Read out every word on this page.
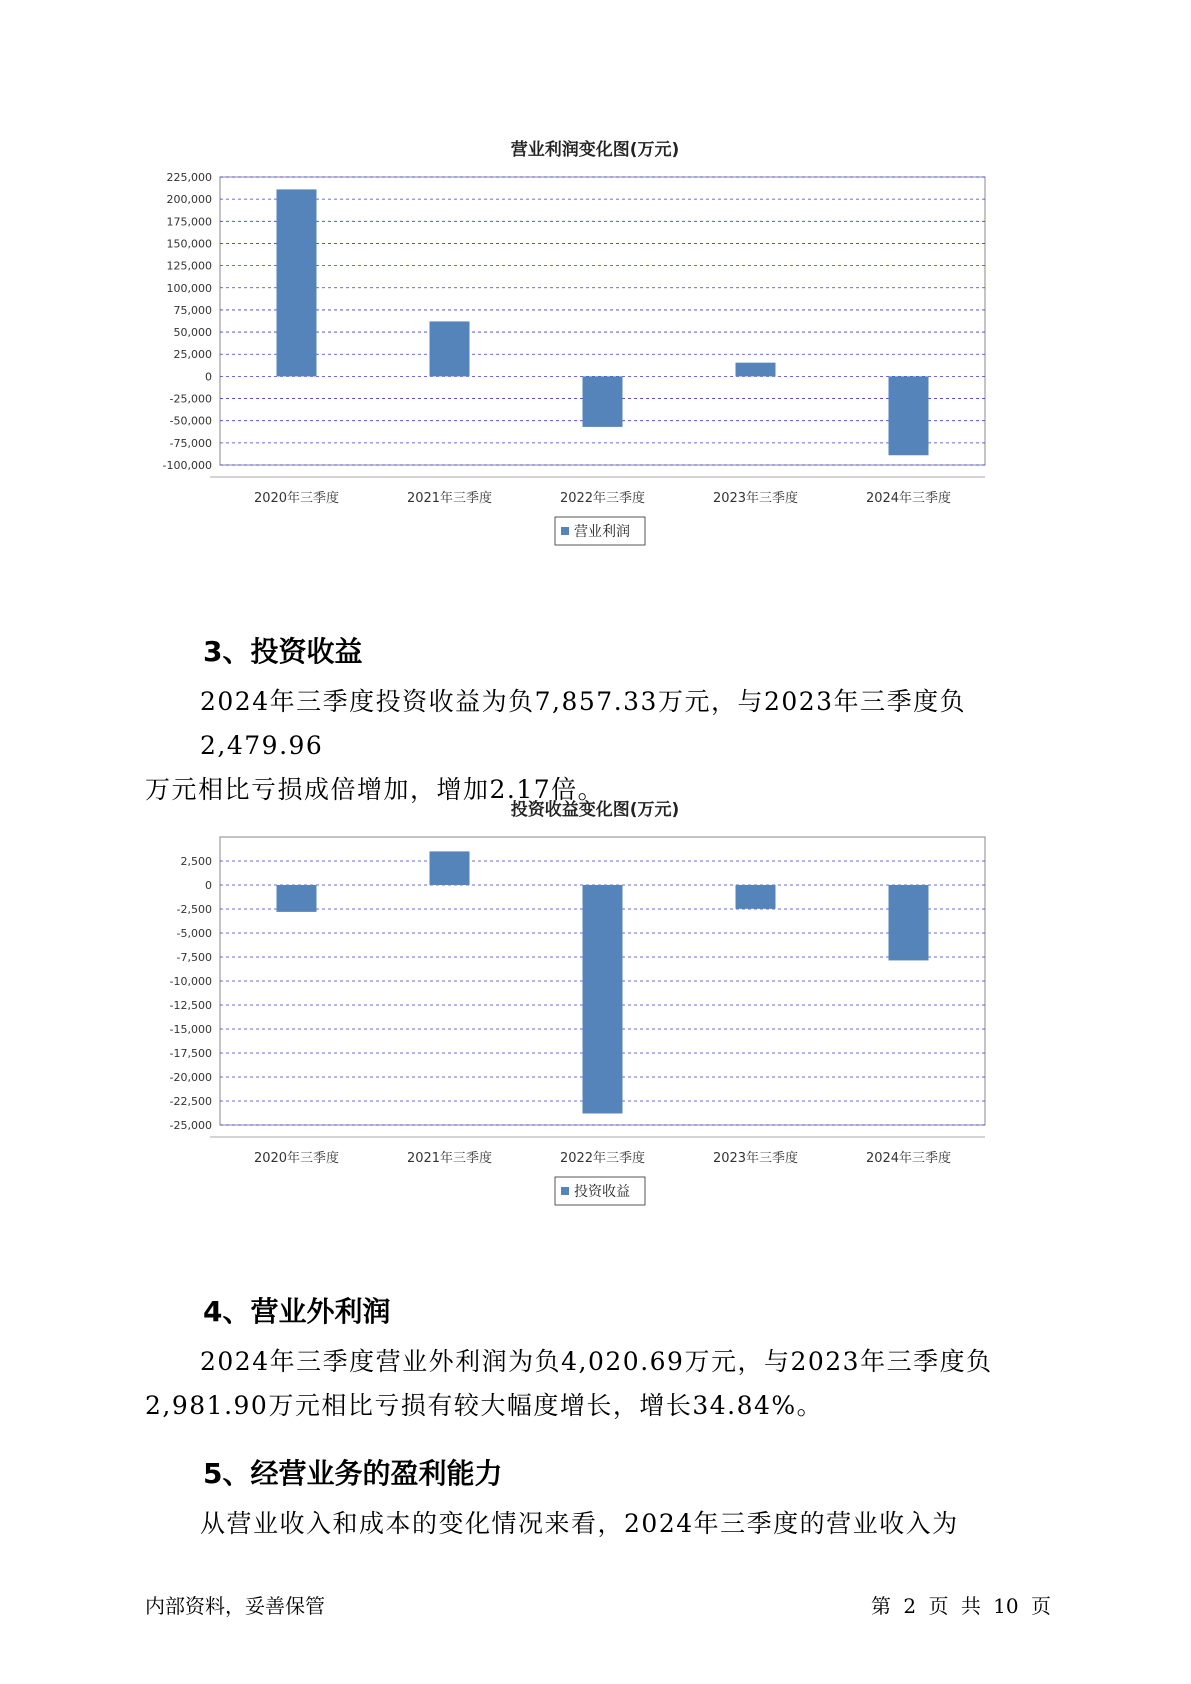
营业利润变化图(万元)
225,000
200,000
175,000
150,000
125,000
100,000
75,000
50,000
25,000
0
-25,000
-50,000
-75,000
-100,000
2020年三季度	2021年三季度	2022年三季度	2023年三季度	2024年三季度
营业利润
3、投资收益
2024年三季度投资收益为负7,857.33万元，与2023年三季度负2,479.96
万元相比亏损成倍增加，增加2.17倍。
投资收益变化图(万元)
2,500
0
-2,500
-5,000
-7,500
-10,000
-12,500
-15,000
-17,500
-20,000
-22,500
-25,000
2020年三季度	2021年三季度	2022年三季度	2023年三季度	2024年三季度
投资收益
4、营业外利润
2024年三季度营业外利润为负4,020.69万元，与2023年三季度负
2,981.90万元相比亏损有较大幅度增长，增长34.84%。
5、经营业务的盈利能力
从营业收入和成本的变化情况来看，2024年三季度的营业收入为
内部资料，妥善保管	第 2 页 共 10 页
